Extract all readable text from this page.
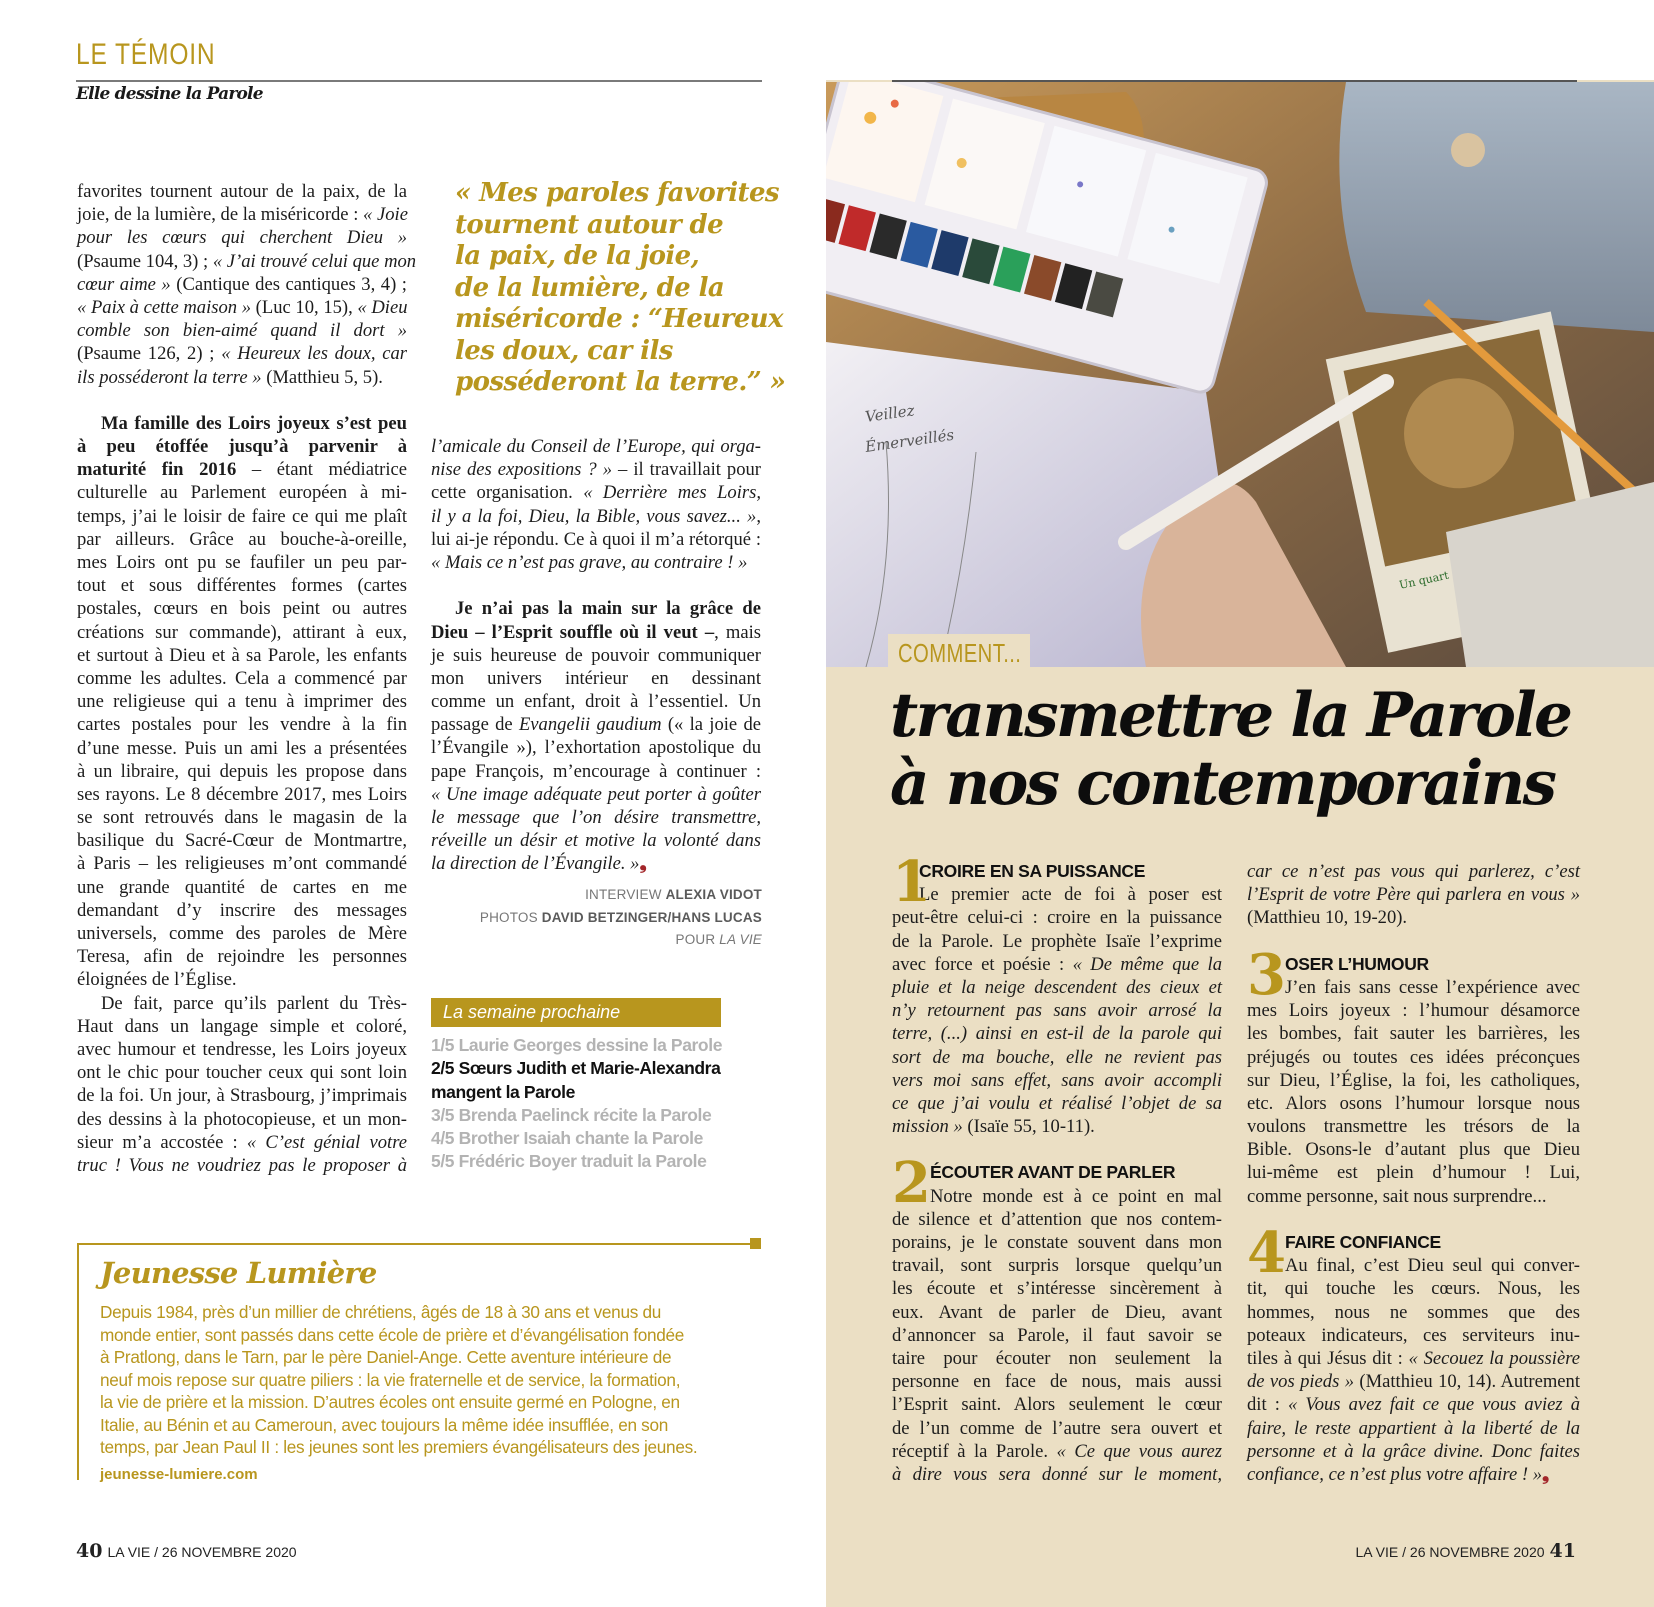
LE TÉMOIN
Elle dessine la Parole
favorites tournent autour de la paix, de la
joie, de la lumière, de la miséricorde : « Joie
pour les cœurs qui cherchent Dieu »
(Psaume 104, 3) ; « J’ai trouvé celui que mon
cœur aime » (Cantique des cantiques 3, 4) ;
« Paix à cette maison » (Luc 10, 15), « Dieu
comble son bien-aimé quand il dort »
(Psaume 126, 2) ; « Heureux les doux, car
ils posséderont la terre » (Matthieu 5, 5).
Ma famille des Loirs joyeux s’est peu
à peu étoffée jusqu’à parvenir à
maturité fin 2016 – étant médiatrice
culturelle au Parlement européen à mi-
temps, j’ai le loisir de faire ce qui me plaît
par ailleurs. Grâce au bouche-à-oreille,
mes Loirs ont pu se faufiler un peu par-
tout et sous différentes formes (cartes
postales, cœurs en bois peint ou autres
créations sur commande), attirant à eux,
et surtout à Dieu et à sa Parole, les enfants
comme les adultes. Cela a commencé par
une religieuse qui a tenu à imprimer des
cartes postales pour les vendre à la fin
d’une messe. Puis un ami les a présentées
à un libraire, qui depuis les propose dans
ses rayons. Le 8 décembre 2017, mes Loirs
se sont retrouvés dans le magasin de la
basilique du Sacré-Cœur de Montmartre,
à Paris – les religieuses m’ont commandé
une grande quantité de cartes en me
demandant d’y inscrire des messages
universels, comme des paroles de Mère
Teresa, afin de rejoindre les personnes
éloignées de l’Église.
De fait, parce qu’ils parlent du Très-
Haut dans un langage simple et coloré,
avec humour et tendresse, les Loirs joyeux
ont le chic pour toucher ceux qui sont loin
de la foi. Un jour, à Strasbourg, j’imprimais
des dessins à la photocopieuse, et un mon-
sieur m’a accostée : « C’est génial votre
truc ! Vous ne voudriez pas le proposer à
« Mes paroles favorites
tournent autour de
la paix, de la joie,
de la lumière, de la
miséricorde : “Heureux
les doux, car ils
posséderont la terre.” »
l’amicale du Conseil de l’Europe, qui orga-
nise des expositions ? » – il travaillait pour
cette organisation. « Derrière mes Loirs,
il y a la foi, Dieu, la Bible, vous savez... »,
lui ai-je répondu. Ce à quoi il m’a rétorqué :
« Mais ce n’est pas grave, au contraire ! »
Je n’ai pas la main sur la grâce de
Dieu – l’Esprit souffle où il veut –, mais
je suis heureuse de pouvoir communiquer
mon univers intérieur en dessinant
comme un enfant, droit à l’essentiel. Un
passage de Evangelii gaudium (« la joie de
l’Évangile »), l’exhortation apostolique du
pape François, m’encourage à continuer :
« Une image adéquate peut porter à goûter
le message que l’on désire transmettre,
réveille un désir et motive la volonté dans
la direction de l’Évangile. »❟
INTERVIEW ALEXIA VIDOT
PHOTOS DAVID BETZINGER/HANS LUCAS
POUR LA VIE
La semaine prochaine
1/5 Laurie Georges dessine la Parole
2/5 Sœurs Judith et Marie-Alexandra
mangent la Parole
3/5 Brenda Paelinck récite la Parole
4/5 Brother Isaiah chante la Parole
5/5 Frédéric Boyer traduit la Parole
Jeunesse Lumière
Depuis 1984, près d’un millier de chrétiens, âgés de 18 à 30 ans et venus du
monde entier, sont passés dans cette école de prière et d’évangélisation fondée
à Pratlong, dans le Tarn, par le père Daniel-Ange. Cette aventure intérieure de
neuf mois repose sur quatre piliers : la vie fraternelle et de service, la formation,
la vie de prière et la mission. D’autres écoles ont ensuite germé en Pologne, en
Italie, au Bénin et au Cameroun, avec toujours la même idée insufflée, en son
temps, par Jean Paul II : les jeunes sont les premiers évangélisateurs des jeunes.
jeunesse-lumiere.com
40 LA VIE / 26 NOVEMBRE 2020
Veillez
Émerveillés
Un quart
COMMENT...
transmettre la Parole
à nos contemporains
1
CROIRE EN SA PUISSANCE
Le premier acte de foi à poser est
peut-être celui-ci : croire en la puissance
de la Parole. Le prophète Isaïe l’exprime
avec force et poésie : « De même que la
pluie et la neige descendent des cieux et
n’y retournent pas sans avoir arrosé la
terre, (...) ainsi en est-il de la parole qui
sort de ma bouche, elle ne revient pas
vers moi sans effet, sans avoir accompli
ce que j’ai voulu et réalisé l’objet de sa
mission » (Isaïe 55, 10-11).
2 ÉCOUTER AVANT DE PARLER
Notre monde est à ce point en mal
de silence et d’attention que nos contem-
porains, je le constate souvent dans mon
travail, sont surpris lorsque quelqu’un
les écoute et s’intéresse sincèrement à
eux. Avant de parler de Dieu, avant
d’annoncer sa Parole, il faut savoir se
taire pour écouter non seulement la
personne en face de nous, mais aussi
l’Esprit saint. Alors seulement le cœur
de l’un comme de l’autre sera ouvert et
réceptif à la Parole. « Ce que vous aurez
à dire vous sera donné sur le moment,
car ce n’est pas vous qui parlerez, c’est
l’Esprit de votre Père qui parlera en vous »
(Matthieu 10, 19-20).
3 OSER L’HUMOUR
J’en fais sans cesse l’expérience avec
mes Loirs joyeux : l’humour désamorce
les bombes, fait sauter les barrières, les
préjugés ou toutes ces idées préconçues
sur Dieu, l’Église, la foi, les catholiques,
etc. Alors osons l’humour lorsque nous
voulons transmettre les trésors de la
Bible. Osons-le d’autant plus que Dieu
lui-même est plein d’humour ! Lui,
comme personne, sait nous surprendre...
4 FAIRE CONFIANCE
Au final, c’est Dieu seul qui conver-
tit, qui touche les cœurs. Nous, les
hommes, nous ne sommes que des
poteaux indicateurs, ces serviteurs inu-
tiles à qui Jésus dit : « Secouez la poussière
de vos pieds » (Matthieu 10, 14). Autrement
dit : « Vous avez fait ce que vous aviez à
faire, le reste appartient à la liberté de la
personne et à la grâce divine. Donc faites
confiance, ce n’est plus votre affaire ! »❟
LA VIE / 26 NOVEMBRE 2020 41
